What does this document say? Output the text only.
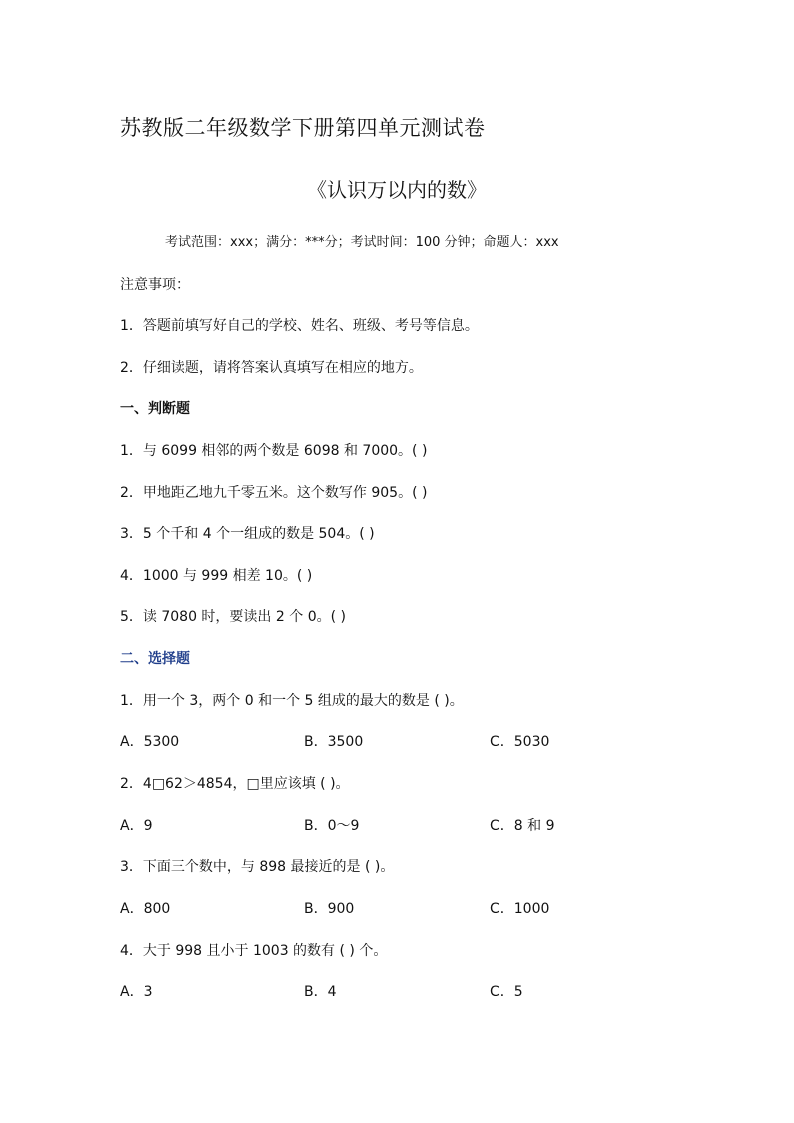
苏教版二年级数学下册第四单元测试卷
《认识万以内的数》
考试范围：xxx；满分：***分；考试时间：100 分钟；命题人：xxx
注意事项：
1．答题前填写好自己的学校、姓名、班级、考号等信息。
2．仔细读题，请将答案认真填写在相应的地方。
一、判断题
1．与 6099 相邻的两个数是 6098 和 7000。( )
2．甲地距乙地九千零五米。这个数写作 905。( )
3．5 个千和 4 个一组成的数是 504。( )
4．1000 与 999 相差 10。( )
5．读 7080 时，要读出 2 个 0。( )
二、选择题
1．用一个 3，两个 0 和一个 5 组成的最大的数是 ( )。
A．5300	B．3500	C．5030
2．4□62＞4854，□里应该填 ( )。
A．9	B．0～9	C．8 和 9
3．下面三个数中，与 898 最接近的是 ( )。
A．800	B．900	C．1000
4．大于 998 且小于 1003 的数有 ( ) 个。
A．3	B．4	C．5
